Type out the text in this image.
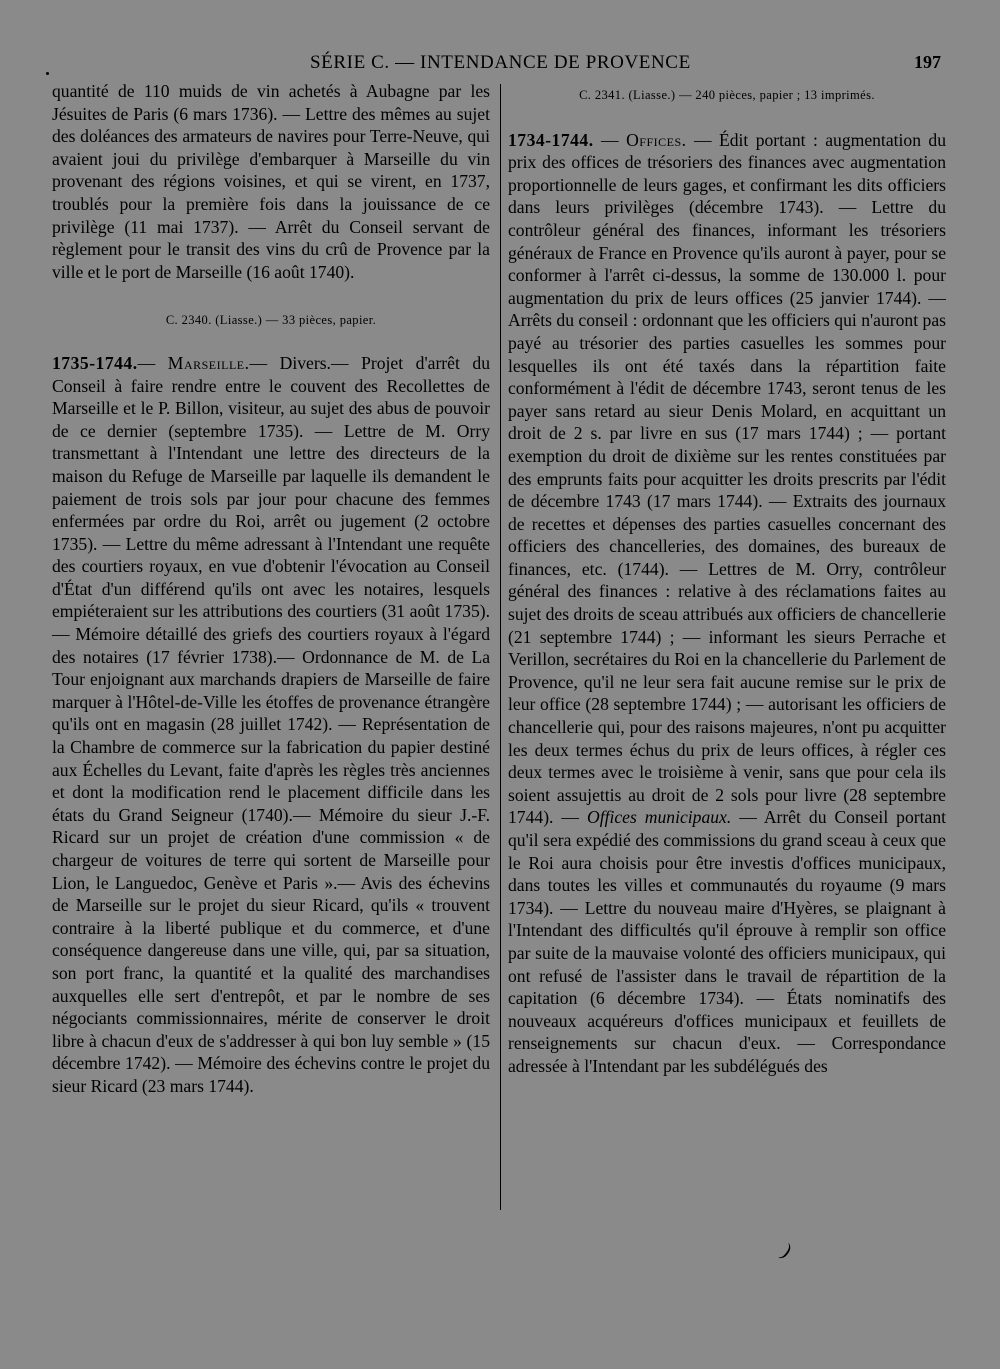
SÉRIE C. — INTENDANCE DE PROVENCE	197

quantité de 110 muids de vin achetés à Aubagne par les Jésuites de Paris (6 mars 1736). — Lettre des mêmes au sujet des doléances des armateurs de navires pour Terre-Neuve, qui avaient joui du privilège d'embarquer à Marseille du vin provenant des régions voisines, et qui se virent, en 1737, troublés pour la première fois dans la jouissance de ce privilège (11 mai 1737). — Arrêt du Conseil servant de règlement pour le transit des vins du crû de Provence par la ville et le port de Marseille (16 août 1740).

C. 2340. (Liasse.) — 33 pièces, papier.

1735-1744.— Marseille.— Divers.— Projet d'arrêt du Conseil à faire rendre entre le couvent des Recollettes de Marseille et le P. Billon, visiteur, au sujet des abus de pouvoir de ce dernier (septembre 1735). — Lettre de M. Orry transmettant à l'Intendant une lettre des directeurs de la maison du Refuge de Marseille par laquelle ils demandent le paiement de trois sols par jour pour chacune des femmes enfermées par ordre du Roi, arrêt ou jugement (2 octobre 1735). — Lettre du même adressant à l'Intendant une requête des courtiers royaux, en vue d'obtenir l'évocation au Conseil d'État d'un différend qu'ils ont avec les notaires, lesquels empiéteraient sur les attributions des courtiers (31 août 1735).— Mémoire détaillé des griefs des courtiers royaux à l'égard des notaires (17 février 1738).— Ordonnance de M. de La Tour enjoignant aux marchands drapiers de Marseille de faire marquer à l'Hôtel-de-Ville les étoffes de provenance étrangère qu'ils ont en magasin (28 juillet 1742). — Représentation de la Chambre de commerce sur la fabrication du papier destiné aux Échelles du Levant, faite d'après les règles très anciennes et dont la modification rend le placement difficile dans les états du Grand Seigneur (1740).— Mémoire du sieur J.-F. Ricard sur un projet de création d'une commission « de chargeur de voitures de terre qui sortent de Marseille pour Lion, le Languedoc, Genève et Paris ».— Avis des échevins de Marseille sur le projet du sieur Ricard, qu'ils « trouvent contraire à la liberté publique et du commerce, et d'une conséquence dangereuse dans une ville, qui, par sa situation, son port franc, la quantité et la qualité des marchandises auxquelles elle sert d'entrepôt, et par le nombre de ses négociants commissionnaires, mérite de conserver le droit libre à chacun d'eux de s'addresser à qui bon luy semble » (15 décembre 1742). — Mémoire des échevins contre le projet du sieur Ricard (23 mars 1744).

C. 2341. (Liasse.) — 240 pièces, papier ; 13 imprimés.

1734-1744. — Offices. — Édit portant : augmentation du prix des offices de trésoriers des finances avec augmentation proportionnelle de leurs gages, et confirmant les dits officiers dans leurs privilèges (décembre 1743). — Lettre du contrôleur général des finances, informant les trésoriers généraux de France en Provence qu'ils auront à payer, pour se conformer à l'arrêt ci-dessus, la somme de 130.000 l. pour augmentation du prix de leurs offices (25 janvier 1744). — Arrêts du conseil : ordonnant que les officiers qui n'auront pas payé au trésorier des parties casuelles les sommes pour lesquelles ils ont été taxés dans la répartition faite conformément à l'édit de décembre 1743, seront tenus de les payer sans retard au sieur Denis Molard, en acquittant un droit de 2 s. par livre en sus (17 mars 1744) ; — portant exemption du droit de dixième sur les rentes constituées par des emprunts faits pour acquitter les droits prescrits par l'édit de décembre 1743 (17 mars 1744). — Extraits des journaux de recettes et dépenses des parties casuelles concernant des officiers des chancelleries, des domaines, des bureaux de finances, etc. (1744). — Lettres de M. Orry, contrôleur général des finances : relative à des réclamations faites au sujet des droits de sceau attribués aux officiers de chancellerie (21 septembre 1744) ; — informant les sieurs Perrache et Verillon, secrétaires du Roi en la chancellerie du Parlement de Provence, qu'il ne leur sera fait aucune remise sur le prix de leur office (28 septembre 1744) ; — autorisant les officiers de chancellerie qui, pour des raisons majeures, n'ont pu acquitter les deux termes échus du prix de leurs offices, à régler ces deux termes avec le troisième à venir, sans que pour cela ils soient assujettis au droit de 2 sols pour livre (28 septembre 1744). — Offices municipaux. — Arrêt du Conseil portant qu'il sera expédié des commissions du grand sceau à ceux que le Roi aura choisis pour être investis d'offices municipaux, dans toutes les villes et communautés du royaume (9 mars 1734). — Lettre du nouveau maire d'Hyères, se plaignant à l'Intendant des difficultés qu'il éprouve à remplir son office par suite de la mauvaise volonté des officiers municipaux, qui ont refusé de l'assister dans le travail de répartition de la capitation (6 décembre 1734). — États nominatifs des nouveaux acquéreurs d'offices municipaux et feuillets de renseignements sur chacun d'eux. — Correspondance adressée à l'Intendant par les subdélégués des

)
